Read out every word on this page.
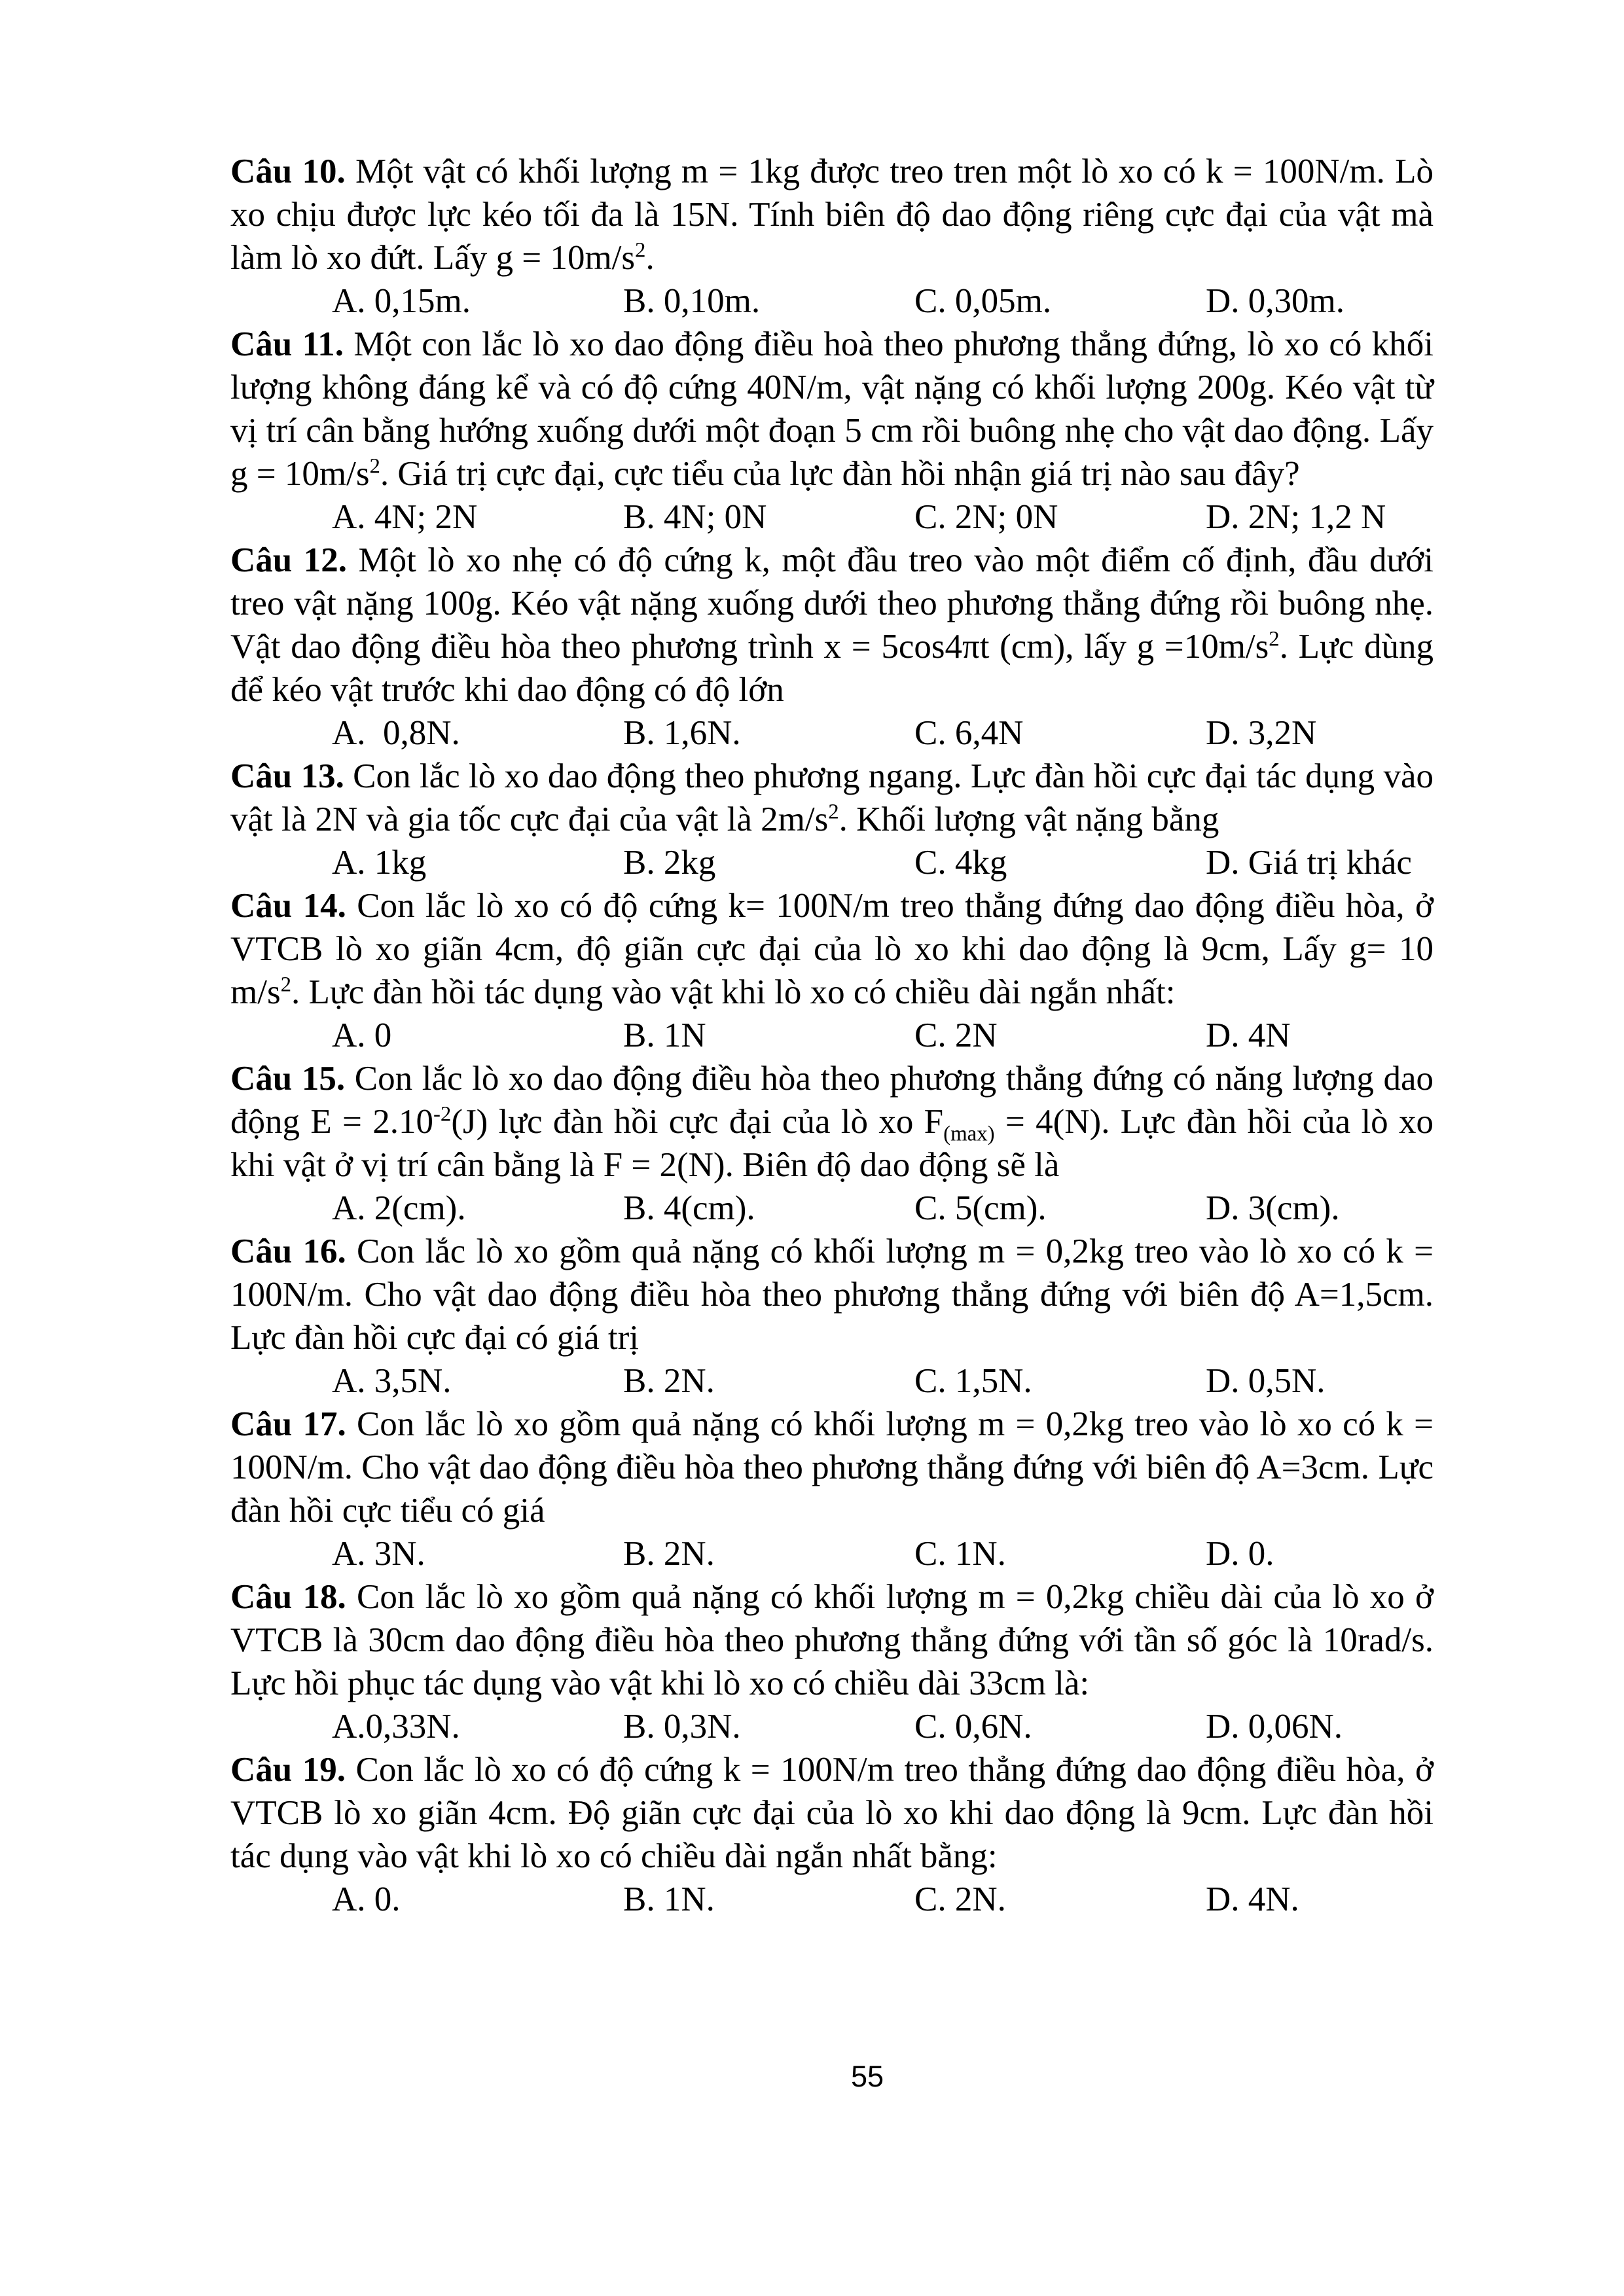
Câu 10. Một vật có khối lượng m = 1kg được treo tren một lò xo có k = 100N/m. Lò xo chịu được lực kéo tối đa là 15N. Tính biên độ dao động riêng cực đại của vật mà làm lò xo đứt. Lấy $g = 10m/s^2$.

A. 0,15m.	B. 0,10m.	C. 0,05m.	D. 0,30m.

Câu 11. Một con lắc lò xo dao động điều hoà theo phương thẳng đứng, lò xo có khối lượng không đáng kể và có độ cứng 40N/m, vật nặng có khối lượng 200g. Kéo vật từ vị trí cân bằng hướng xuống dưới một đoạn 5 cm rồi buông nhẹ cho vật dao động. Lấy $g = 10m/s^2$. Giá trị cực đại, cực tiểu của lực đàn hồi nhận giá trị nào sau đây?

A. 4N; 2N	B. 4N; 0N	C. 2N; 0N	D. 2N; 1,2 N

Câu 12. Một lò xo nhẹ có độ cứng k, một đầu treo vào một điểm cố định, đầu dưới treo vật nặng 100g. Kéo vật nặng xuống dưới theo phương thẳng đứng rồi buông nhẹ. Vật dao động điều hòa theo phương trình x = 5cos4πt (cm), lấy $g =10m/s^2$. Lực dùng để kéo vật trước khi dao động có độ lớn

A.  0,8N.	B. 1,6N.	C. 6,4N	D. 3,2N

Câu 13. Con lắc lò xo dao động theo phương ngang. Lực đàn hồi cực đại tác dụng vào vật là 2N và gia tốc cực đại của vật là $2m/s^2$. Khối lượng vật nặng bằng

A. 1kg	B. 2kg	C. 4kg	D. Giá trị khác

Câu 14. Con lắc lò xo có độ cứng k= 100N/m treo thẳng đứng dao động điều hòa, ở VTCB lò xo giãn 4cm, độ giãn cực đại của lò xo khi dao động là 9cm, Lấy g= 10 $m/s^2$. Lực đàn hồi tác dụng vào vật khi lò xo có chiều dài ngắn nhất:

A. 0	B. 1N	C. 2N	D. 4N

Câu 15. Con lắc lò xo dao động điều hòa theo phương thẳng đứng có năng lượng dao động $E = 2.10^{-2}(J)$ lực đàn hồi cực đại của lò xo $F_{(max)} = 4(N)$. Lực đàn hồi của lò xo khi vật ở vị trí cân bằng là F = 2(N). Biên độ dao động sẽ là

A. 2(cm).	B. 4(cm).	C. 5(cm).	D. 3(cm).

Câu 16. Con lắc lò xo gồm quả nặng có khối lượng m = 0,2kg treo vào lò xo có k = 100N/m. Cho vật dao động điều hòa theo phương thẳng đứng với biên độ A=1,5cm. Lực đàn hồi cực đại có giá trị

A. 3,5N.	B. 2N.	C. 1,5N.	D. 0,5N.

Câu 17. Con lắc lò xo gồm quả nặng có khối lượng m = 0,2kg treo vào lò xo có k = 100N/m. Cho vật dao động điều hòa theo phương thẳng đứng với biên độ A=3cm. Lực đàn hồi cực tiểu có giá

A. 3N.	B. 2N.	C. 1N.	D. 0.

Câu 18. Con lắc lò xo gồm quả nặng có khối lượng m = 0,2kg chiều dài của lò xo ở VTCB là 30cm dao động điều hòa theo phương thẳng đứng với tần số góc là 10rad/s. Lực hồi phục tác dụng vào vật khi lò xo có chiều dài 33cm là:

A.0,33N.	B. 0,3N.	C. 0,6N.	D. 0,06N.

Câu 19. Con lắc lò xo có độ cứng k = 100N/m treo thẳng đứng dao động điều hòa, ở VTCB lò xo giãn 4cm. Độ giãn cực đại của lò xo khi dao động là 9cm. Lực đàn hồi tác dụng vào vật khi lò xo có chiều dài ngắn nhất bằng:

A. 0.	B. 1N.	C. 2N.	D. 4N.

55
